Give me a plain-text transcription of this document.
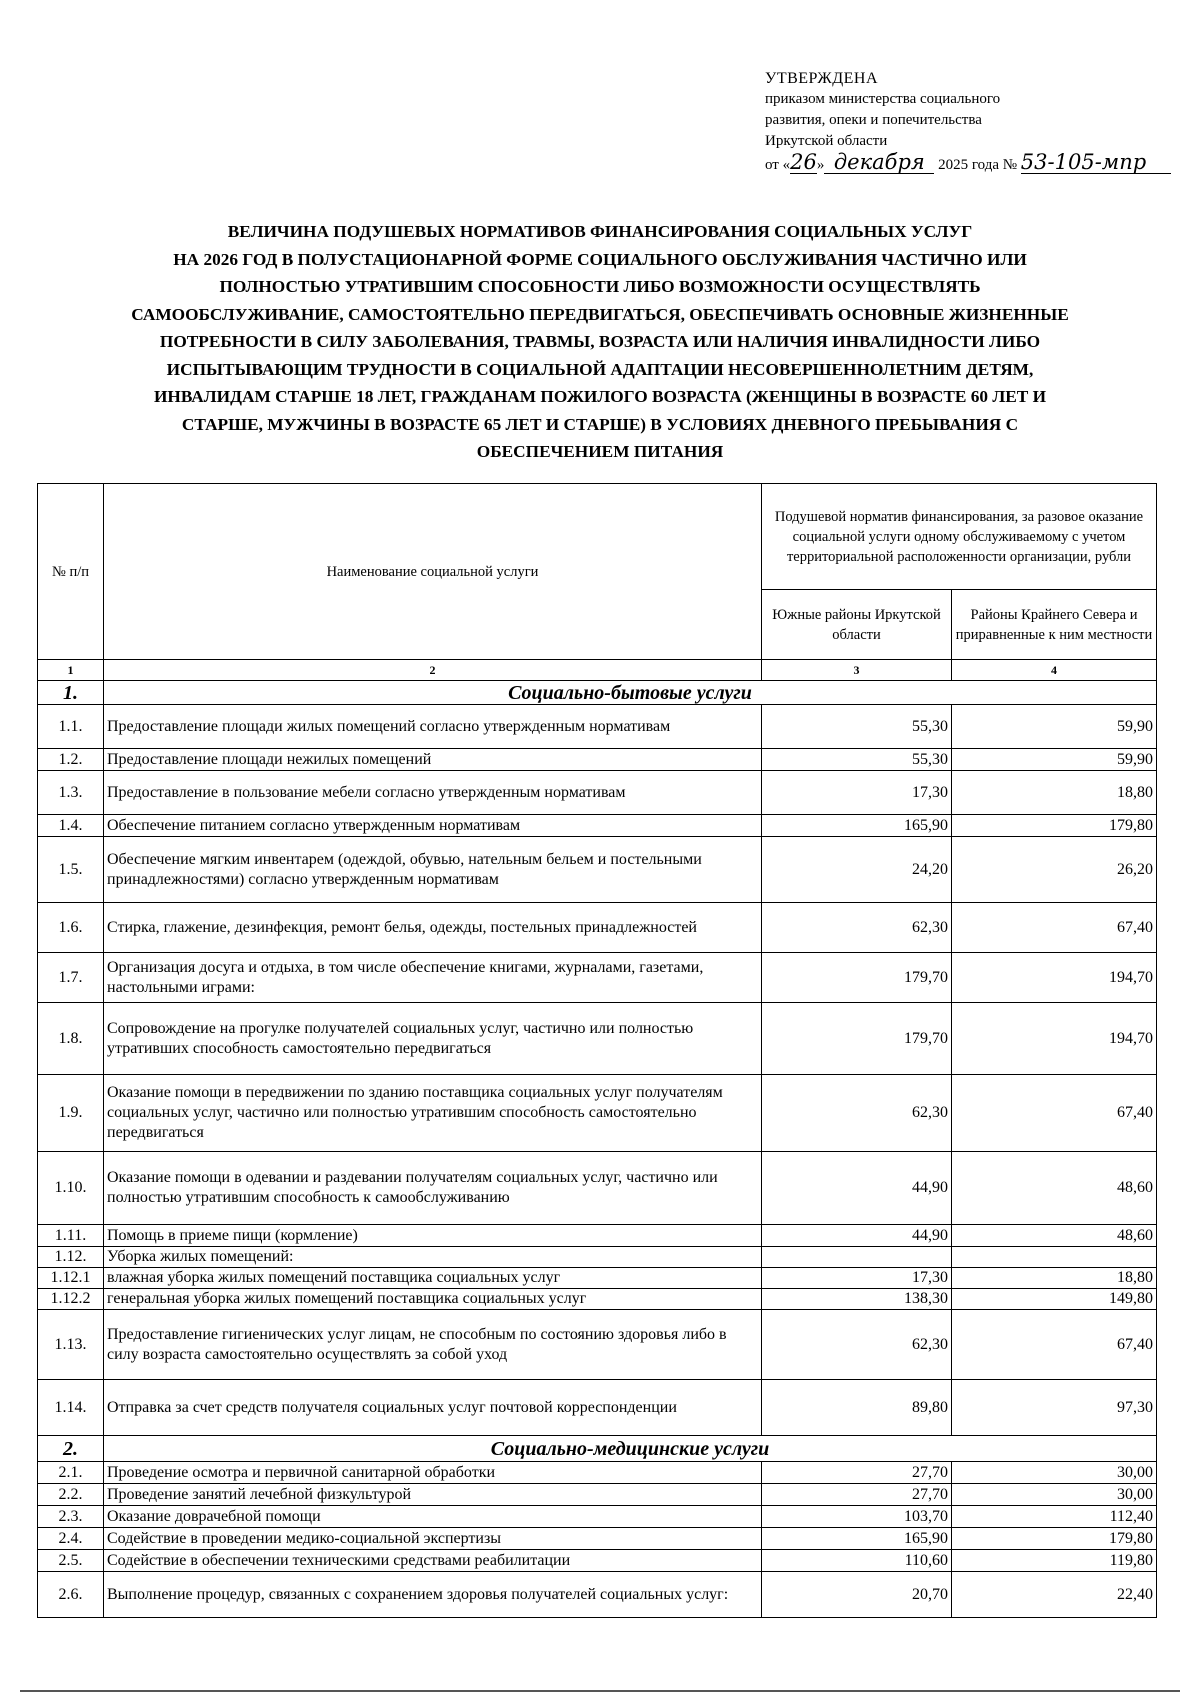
УТВЕРЖДЕНА
приказом министерства социального
развития, опеки и попечительства
Иркутской области
от «26» декабря 2025 года № 53-105-мпр
ВЕЛИЧИНА ПОДУШЕВЫХ НОРМАТИВОВ ФИНАНСИРОВАНИЯ СОЦИАЛЬНЫХ УСЛУГ
НА 2026 ГОД В ПОЛУСТАЦИОНАРНОЙ ФОРМЕ СОЦИАЛЬНОГО ОБСЛУЖИВАНИЯ ЧАСТИЧНО ИЛИ
ПОЛНОСТЬЮ УТРАТИВШИМ СПОСОБНОСТИ ЛИБО ВОЗМОЖНОСТИ ОСУЩЕСТВЛЯТЬ
САМООБСЛУЖИВАНИЕ, САМОСТОЯТЕЛЬНО ПЕРЕДВИГАТЬСЯ, ОБЕСПЕЧИВАТЬ ОСНОВНЫЕ ЖИЗНЕННЫЕ
ПОТРЕБНОСТИ В СИЛУ ЗАБОЛЕВАНИЯ, ТРАВМЫ, ВОЗРАСТА ИЛИ НАЛИЧИЯ ИНВАЛИДНОСТИ ЛИБО
ИСПЫТЫВАЮЩИМ ТРУДНОСТИ В СОЦИАЛЬНОЙ АДАПТАЦИИ НЕСОВЕРШЕННОЛЕТНИМ ДЕТЯМ,
ИНВАЛИДАМ СТАРШЕ 18 ЛЕТ, ГРАЖДАНАМ ПОЖИЛОГО ВОЗРАСТА (ЖЕНЩИНЫ В ВОЗРАСТЕ 60 ЛЕТ И
СТАРШЕ, МУЖЧИНЫ В ВОЗРАСТЕ 65 ЛЕТ И СТАРШЕ) В УСЛОВИЯХ ДНЕВНОГО ПРЕБЫВАНИЯ С
ОБЕСПЕЧЕНИЕМ ПИТАНИЯ
№ п/п	Наименование социальной услуги	Подушевой норматив финансирования, за разовое оказание социальной услуги одному обслуживаемому с учетом территориальной расположенности организации, рубли	
		Южные районы Иркутской области	Районы Крайнего Севера и приравненные к ним местности
1	2	3	4
1.	Социально-бытовые услуги		
1.1.	Предоставление площади жилых помещений согласно утвержденным нормативам	55,30	59,90
1.2.	Предоставление площади нежилых помещений	55,30	59,90
1.3.	Предоставление в пользование мебели согласно утвержденным нормативам	17,30	18,80
1.4.	Обеспечение питанием согласно утвержденным нормативам	165,90	179,80
1.5.	Обеспечение мягким инвентарем (одеждой, обувью, нательным бельем и постельными принадлежностями) согласно утвержденным нормативам	24,20	26,20
1.6.	Стирка, глажение, дезинфекция, ремонт белья, одежды, постельных принадлежностей	62,30	67,40
1.7.	Организация досуга и отдыха, в том числе обеспечение книгами, журналами, газетами, настольными играми:	179,70	194,70
1.8.	Сопровождение на прогулке получателей социальных услуг, частично или полностью утративших способность самостоятельно передвигаться	179,70	194,70
1.9.	Оказание помощи в передвижении по зданию поставщика социальных услуг получателям социальных услуг, частично или полностью утратившим способность самостоятельно передвигаться	62,30	67,40
1.10.	Оказание помощи в одевании и раздевании получателям социальных услуг, частично или полностью утратившим способность к самообслуживанию	44,90	48,60
1.11.	Помощь в приеме пищи (кормление)	44,90	48,60
1.12.	Уборка жилых помещений:		
1.12.1	влажная уборка жилых помещений поставщика социальных услуг	17,30	18,80
1.12.2	генеральная уборка жилых помещений поставщика социальных услуг	138,30	149,80
1.13.	Предоставление гигиенических услуг лицам, не способным по состоянию здоровья либо в силу возраста самостоятельно осуществлять за собой уход	62,30	67,40
1.14.	Отправка за счет средств получателя социальных услуг почтовой корреспонденции	89,80	97,30
2.	Социально-медицинские услуги		
2.1.	Проведение осмотра и первичной санитарной обработки	27,70	30,00
2.2.	Проведение занятий лечебной физкультурой	27,70	30,00
2.3.	Оказание доврачебной помощи	103,70	112,40
2.4.	Содействие в проведении медико-социальной экспертизы	165,90	179,80
2.5.	Содействие в обеспечении техническими средствами реабилитации	110,60	119,80
2.6.	Выполнение процедур, связанных с сохранением здоровья получателей социальных услуг:	20,70	22,40
